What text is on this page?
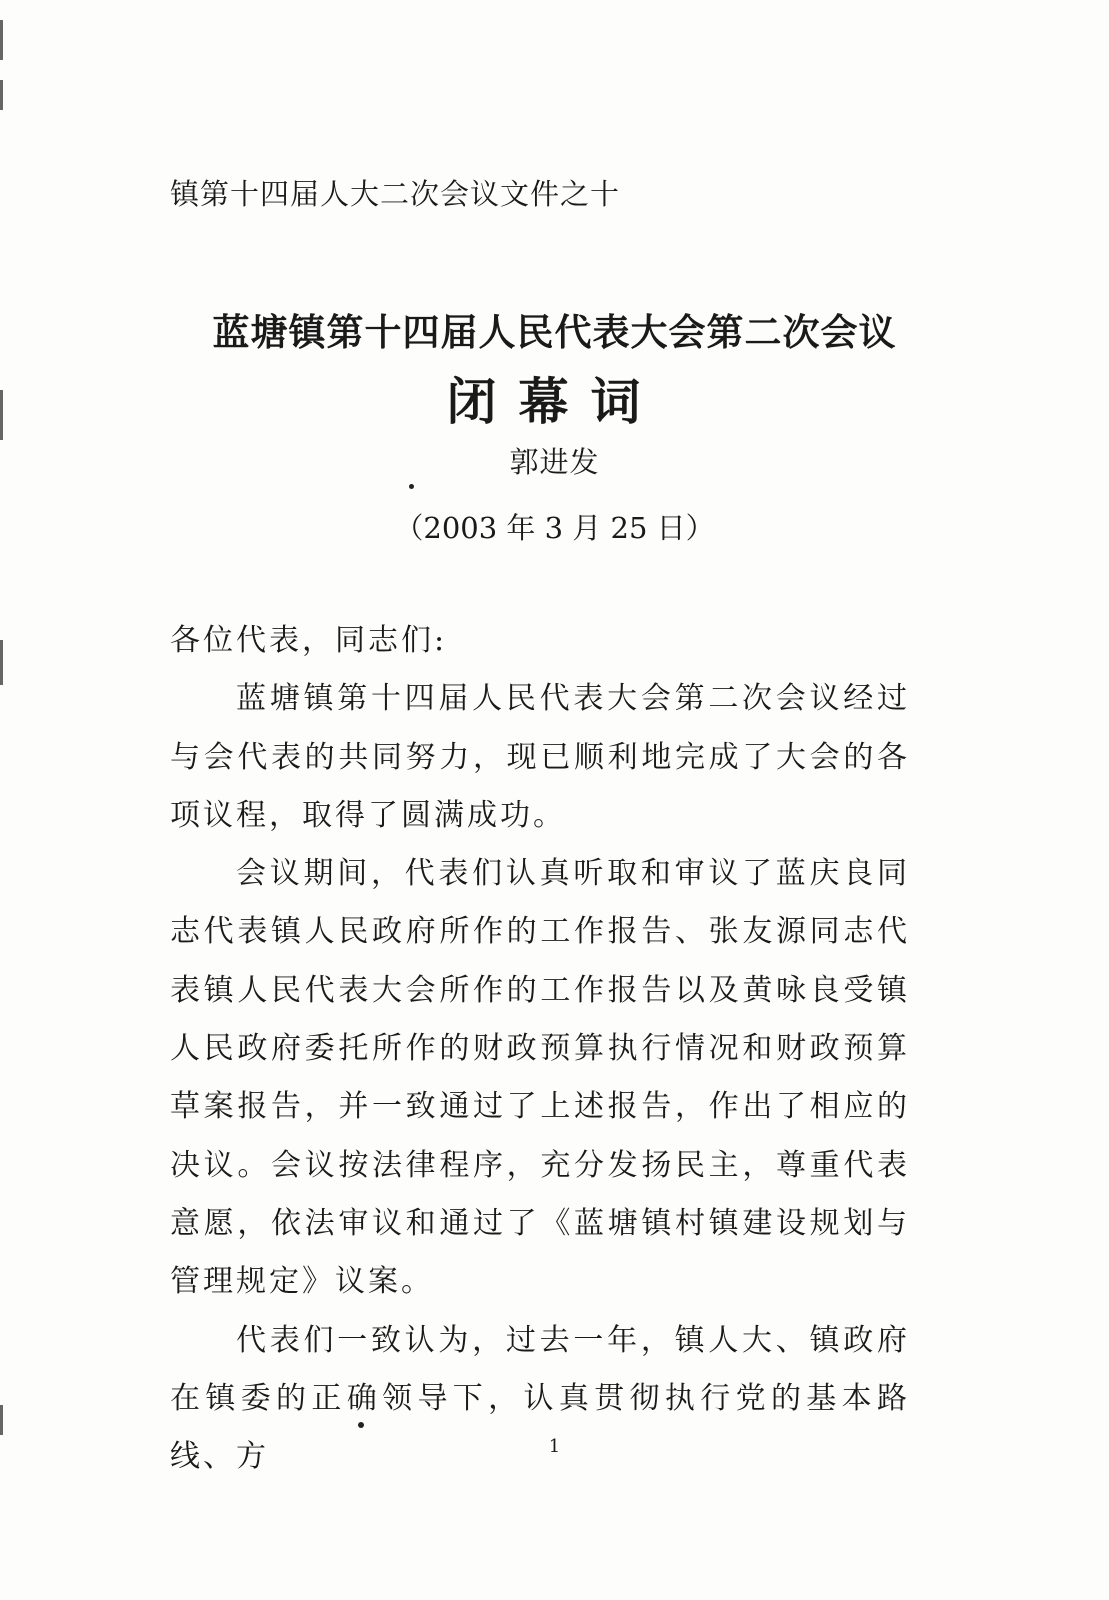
镇第十四届人大二次会议文件之十
蓝塘镇第十四届人民代表大会第二次会议
闭幕词
郭进发
（2003 年 3 月 25 日）

各位代表，同志们:

蓝塘镇第十四届人民代表大会第二次会议经过与会代表的共同努力，现已顺利地完成了大会的各项议程，取得了圆满成功。

会议期间，代表们认真听取和审议了蓝庆良同志代表镇人民政府所作的工作报告、张友源同志代表镇人民代表大会所作的工作报告以及黄咏良受镇人民政府委托所作的财政预算执行情况和财政预算草案报告，并一致通过了上述报告，作出了相应的决议。会议按法律程序，充分发扬民主，尊重代表意愿，依法审议和通过了《蓝塘镇村镇建设规划与管理规定》议案。

代表们一致认为，过去一年，镇人大、镇政府在镇委的正确领导下，认真贯彻执行党的基本路线、方	1
